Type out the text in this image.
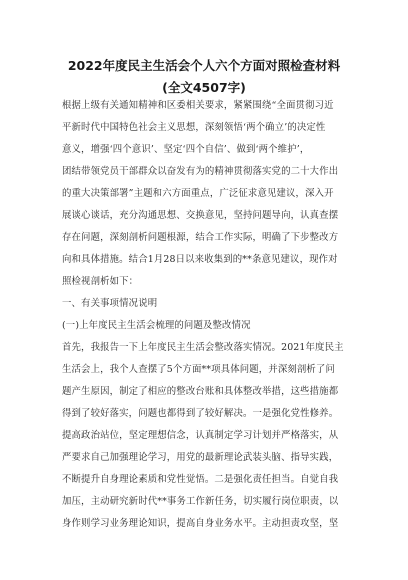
2022年度民主生活会个人六个方面对照检查材料
(全文4507字)
根据上级有关通知精神和区委相关要求，紧紧围绕“全面贯彻习近
平新时代中国特色社会主义思想，深刻领悟‘两个确立’的决定性
意义，增强‘四个意识’、坚定‘四个自信’、做到‘两个维护’，
团结带领党员干部群众以奋发有为的精神贯彻落实党的二十大作出
的重大决策部署”主题和六方面重点，广泛征求意见建议，深入开
展谈心谈话，充分沟通思想、交换意见，坚持问题导向，认真查摆
存在问题，深刻剖析问题根源，结合工作实际，明确了下步整改方
向和具体措施。结合1月28日以来收集到的**条意见建议，现作对
照检视剖析如下：
一、有关事项情况说明
(一)上年度民主生活会梳理的问题及整改情况
首先，我报告一下上年度民主生活会整改落实情况。2021年度民主
生活会上，我个人查摆了5个方面**项具体问题，并深刻剖析了问
题产生原因，制定了相应的整改台账和具体整改举措，这些措施都
得到了较好落实，问题也都得到了较好解决。一是强化党性修养。
提高政治站位，坚定理想信念，认真制定学习计划并严格落实，从
严要求自己加强理论学习，用党的最新理论武装头脑、指导实践，
不断提升自身理论素质和党性觉悟。二是强化责任担当。自觉自我
加压，主动研究新时代**事务工作新任务，切实履行岗位职责，以
身作则学习业务理论知识，提高自身业务水平。主动担责攻坚，坚
